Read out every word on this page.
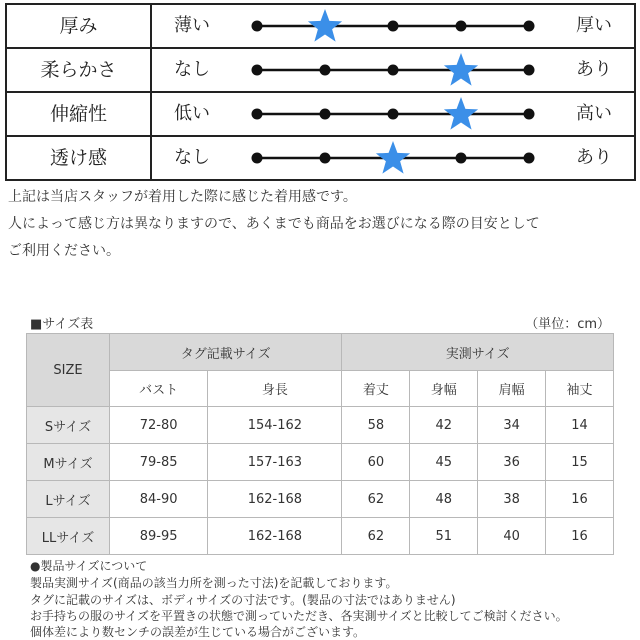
厚み	薄い	厚い
柔らかさ	なし	あり
伸縮性	低い	高い
透け感	なし	あり
上記は当店スタッフが着用した際に感じた着用感です。
人によって感じ方は異なりますので、あくまでも商品をお選びになる際の目安として
ご利用ください。
■サイズ表	（単位：cm）
SIZE	タグ記載サイズ		実測サイズ			
	バスト	身長	着丈	身幅	肩幅	袖丈
Sサイズ	72-80	154-162	58	42	34	14
Mサイズ	79-85	157-163	60	45	36	15
Lサイズ	84-90	162-168	62	48	38	16
LLサイズ	89-95	162-168	62	51	40	16
●製品サイズについて
製品実測サイズ(商品の該当力所を測った寸法)を記載しております。
タグに記載のサイズは、ボディサイズの寸法です。(製品の寸法ではありません)
お手持ちの服のサイズを平置きの状態で測っていただき、各実測サイズと比較してご検討ください。
個体差により数センチの誤差が生じている場合がございます。
